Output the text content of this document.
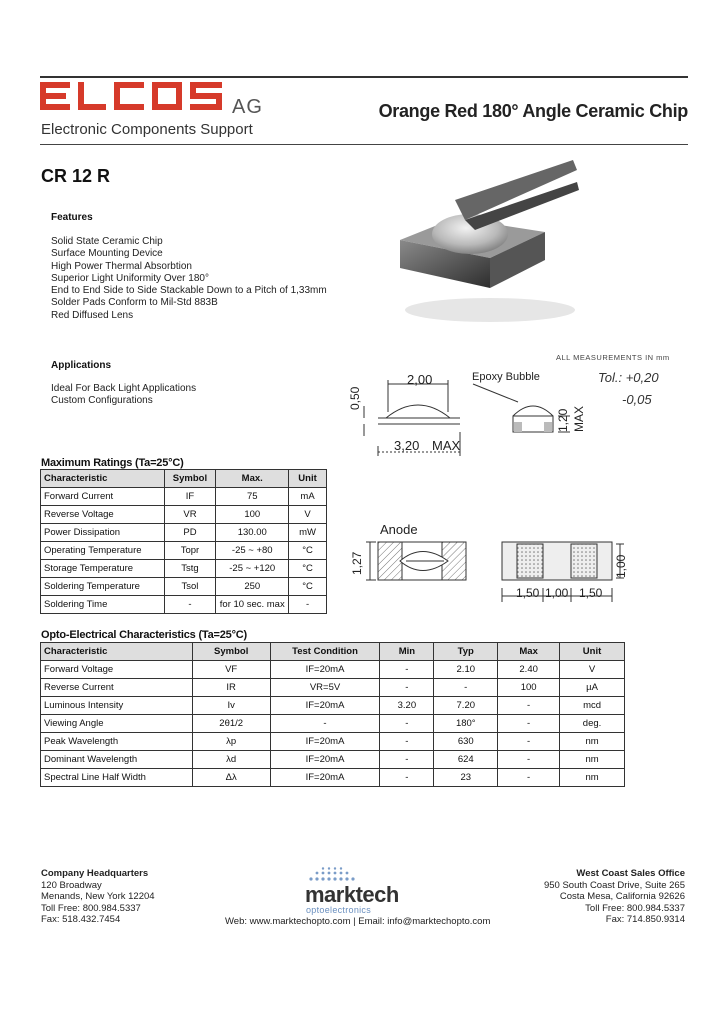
AG
Electronic Components Support
Orange Red 180° Angle Ceramic Chip
CR 12 R
Features
Solid State Ceramic Chip
Surface Mounting Device
High Power Thermal Absorbtion
Superior Light Uniformity Over 180°
End to End Side to Side Stackable Down to a Pitch of 1,33mm
Solder Pads Conform to Mil-Std 883B
Red Diffused Lens
Applications
Ideal For Back Light Applications
Custom Configurations
ALL MEASUREMENTS IN mm
Tol.: +0,20
-0,05
2,00
0,50
3,20 MAX
Epoxy Bubble
1,20 MAX
Anode
1,27	1,00
1,50 1,00 1,50
Maximum Ratings (Ta=25°C)
Characteristic	Symbol	Max.	Unit
Forward Current	IF	75	mA
Reverse Voltage	VR	100	V
Power Dissipation	PD	130.00	mW
Operating Temperature	Topr	-25 ~ +80	°C
Storage Temperature	Tstg	-25 ~ +120	°C
Soldering Temperature	Tsol	250	°C
Soldering Time	-	for 10 sec. max	-
Opto-Electrical Characteristics (Ta=25°C)
Characteristic	Symbol	Test Condition	Min	Typ	Max	Unit
Forward Voltage	VF	IF=20mA	-	2.10	2.40	V
Reverse Current	IR	VR=5V	-	-	100	µA
Luminous Intensity	Iv	IF=20mA	3.20	7.20	-	mcd
Viewing Angle	2θ1/2	-	-	180°	-	deg.
Peak Wavelength	λp	IF=20mA	-	630	-	nm
Dominant Wavelength	λd	IF=20mA	-	624	-	nm
Spectral Line Half Width	Δλ	IF=20mA	-	23	-	nm
Company Headquarters
120 Broadway
Menands, New York 12204
Toll Free: 800.984.5337
Fax: 518.432.7454
West Coast Sales Office
950 South Coast Drive, Suite 265
Costa Mesa, California 92626
Toll Free: 800.984.5337
Fax: 714.850.9314
marktech
optoelectronics
Web: www.marktechopto.com | Email: info@marktechopto.com
